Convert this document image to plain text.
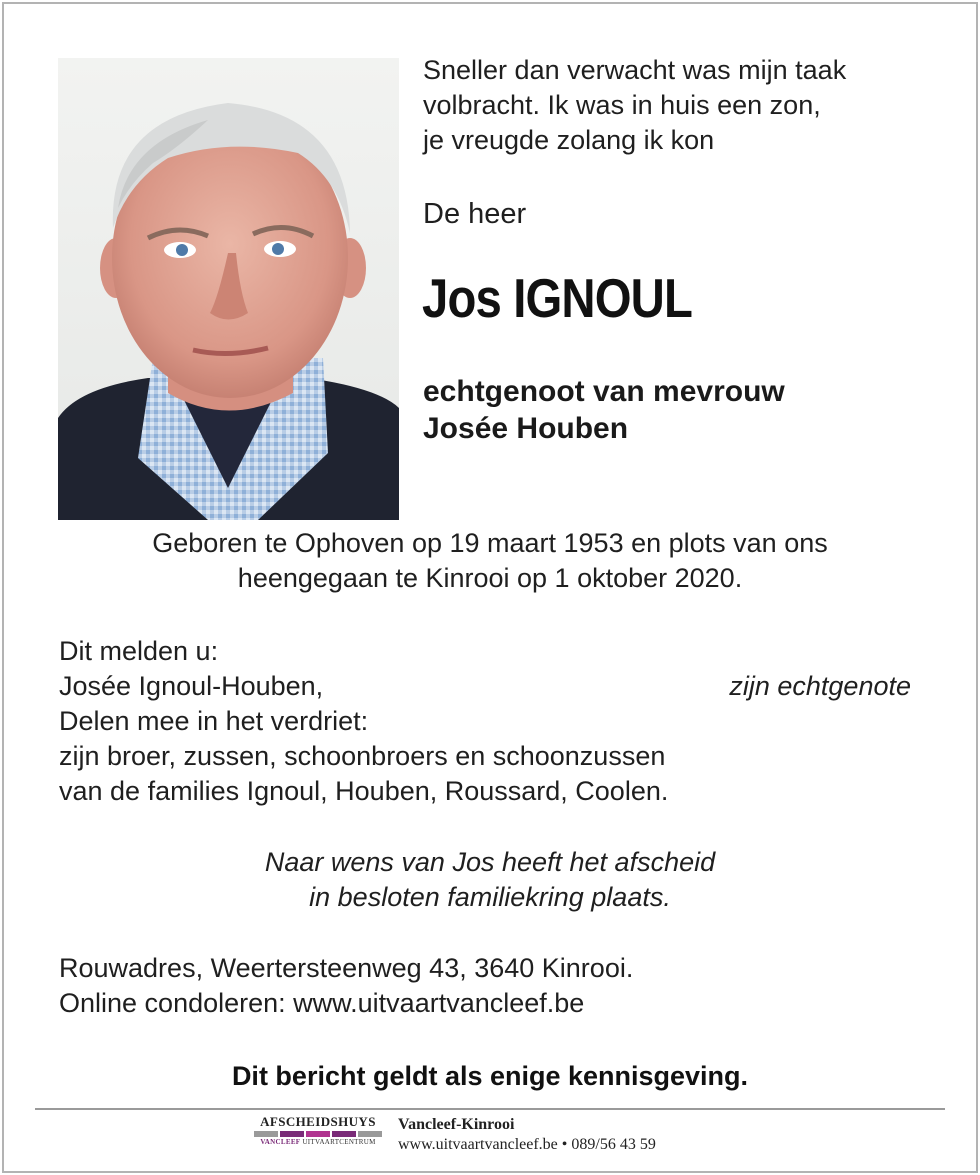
Sneller dan verwacht was mijn taak
volbracht. Ik was in huis een zon,
je vreugde zolang ik kon
De heer
Jos IGNOUL
echtgenoot van mevrouw
Josée Houben
Geboren te Ophoven op 19 maart 1953 en plots van ons
heengegaan te Kinrooi op 1 oktober 2020.
Dit melden u:
Josée Ignoul-Houben,	zijn echtgenote
Delen mee in het verdriet:
zijn broer, zussen, schoonbroers en schoonzussen
van de families Ignoul, Houben, Roussard, Coolen.
Naar wens van Jos heeft het afscheid
in besloten familiekring plaats.
Rouwadres, Weertersteenweg 43, 3640 Kinrooi.
Online condoleren: www.uitvaartvancleef.be
Dit bericht geldt als enige kennisgeving.
AFSCHEIDSHUYS
VANCLEEF UITVAARTCENTRUM
Vancleef-Kinrooi
www.uitvaartvancleef.be • 089/56 43 59
